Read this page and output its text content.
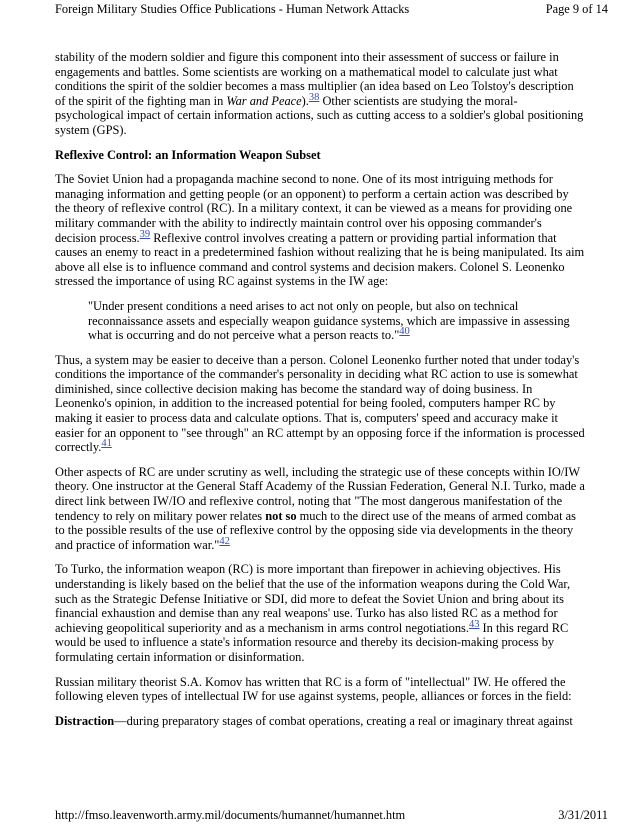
Foreign Military Studies Office Publications - Human Network Attacks	Page 9 of 14

stability of the modern soldier and figure this component into their assessment of success or failure in engagements and battles. Some scientists are working on a mathematical model to calculate just what conditions the spirit of the soldier becomes a mass multiplier (an idea based on Leo Tolstoy's description of the spirit of the fighting man in War and Peace).$^{38}$ Other scientists are studying the moral-psychological impact of certain information actions, such as cutting access to a soldier's global positioning system (GPS).

Reflexive Control: an Information Weapon Subset

The Soviet Union had a propaganda machine second to none. One of its most intriguing methods for managing information and getting people (or an opponent) to perform a certain action was described by the theory of reflexive control (RC). In a military context, it can be viewed as a means for providing one military commander with the ability to indirectly maintain control over his opposing commander's decision process.$^{39}$ Reflexive control involves creating a pattern or providing partial information that causes an enemy to react in a predetermined fashion without realizing that he is being manipulated. Its aim above all else is to influence command and control systems and decision makers. Colonel S. Leonenko stressed the importance of using RC against systems in the IW age:

"Under present conditions a need arises to act not only on people, but also on technical reconnaissance assets and especially weapon guidance systems, which are impassive in assessing what is occurring and do not perceive what a person reacts to."$^{40}$

Thus, a system may be easier to deceive than a person. Colonel Leonenko further noted that under today's conditions the importance of the commander's personality in deciding what RC action to use is somewhat diminished, since collective decision making has become the standard way of doing business. In Leonenko's opinion, in addition to the increased potential for being fooled, computers hamper RC by making it easier to process data and calculate options. That is, computers' speed and accuracy make it easier for an opponent to "see through" an RC attempt by an opposing force if the information is processed correctly.$^{41}$

Other aspects of RC are under scrutiny as well, including the strategic use of these concepts within IO/IW theory. One instructor at the General Staff Academy of the Russian Federation, General N.I. Turko, made a direct link between IW/IO and reflexive control, noting that "The most dangerous manifestation of the tendency to rely on military power relates not so much to the direct use of the means of armed combat as to the possible results of the use of reflexive control by the opposing side via developments in the theory and practice of information war."$^{42}$

To Turko, the information weapon (RC) is more important than firepower in achieving objectives. His understanding is likely based on the belief that the use of the information weapons during the Cold War, such as the Strategic Defense Initiative or SDI, did more to defeat the Soviet Union and bring about its financial exhaustion and demise than any real weapons' use. Turko has also listed RC as a method for achieving geopolitical superiority and as a mechanism in arms control negotiations.$^{43}$ In this regard RC would be used to influence a state's information resource and thereby its decision-making process by formulating certain information or disinformation.

Russian military theorist S.A. Komov has written that RC is a form of "intellectual" IW. He offered the following eleven types of intellectual IW for use against systems, people, alliances or forces in the field:

Distraction—during preparatory stages of combat operations, creating a real or imaginary threat against

http://fmso.leavenworth.army.mil/documents/humannet/humannet.htm	3/31/2011
